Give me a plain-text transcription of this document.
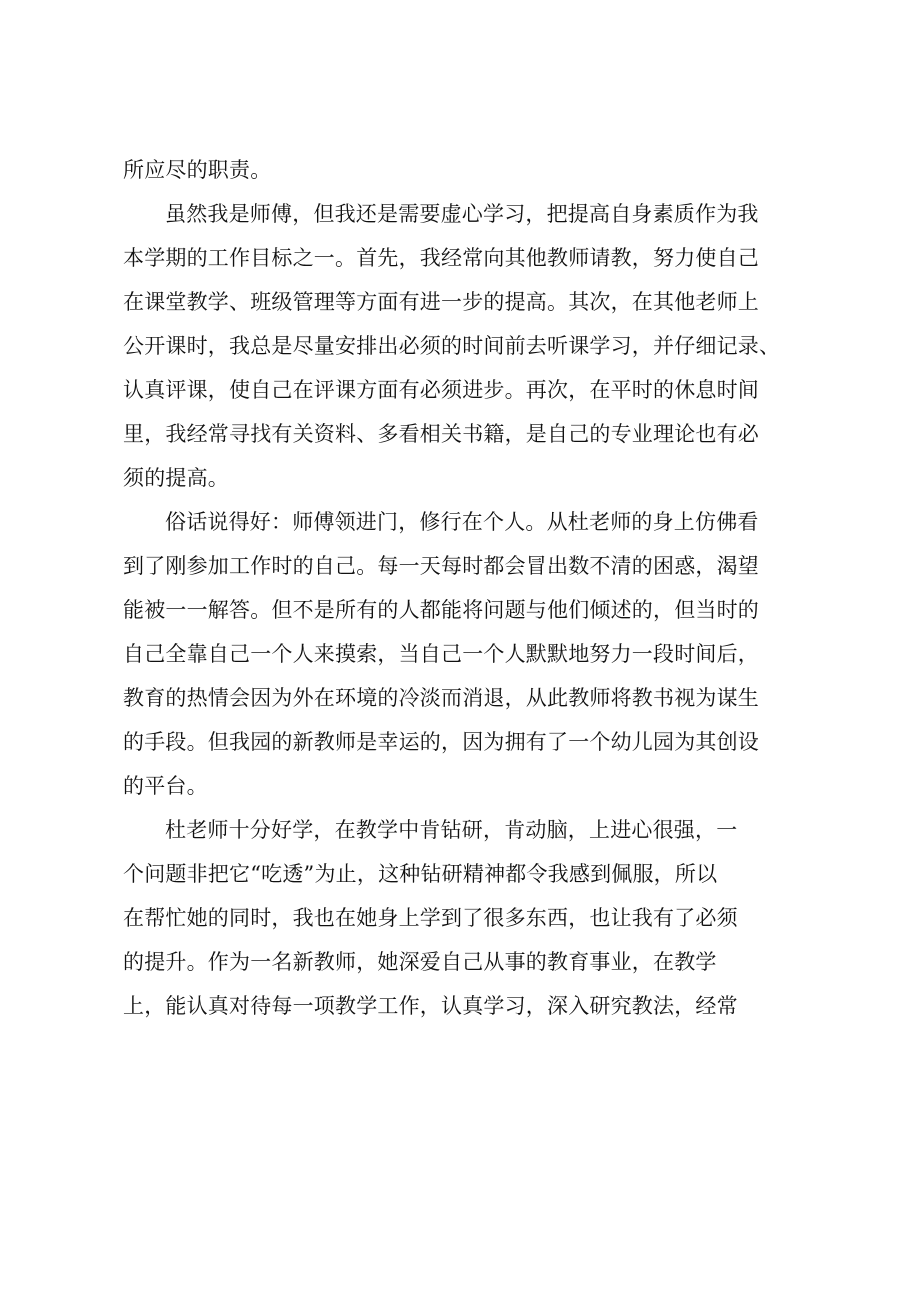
所应尽的职责。
虽然我是师傅，但我还是需要虚心学习，把提高自身素质作为我
本学期的工作目标之一。首先，我经常向其他教师请教，努力使自己
在课堂教学、班级管理等方面有进一步的提高。其次，在其他老师上
公开课时，我总是尽量安排出必须的时间前去听课学习，并仔细记录、
认真评课，使自己在评课方面有必须进步。再次，在平时的休息时间
里，我经常寻找有关资料、多看相关书籍，是自己的专业理论也有必
须的提高。
俗话说得好：师傅领进门，修行在个人。从杜老师的身上仿佛看
到了刚参加工作时的自己。每一天每时都会冒出数不清的困惑，渴望
能被一一解答。但不是所有的人都能将问题与他们倾述的，但当时的
自己全靠自己一个人来摸索，当自己一个人默默地努力一段时间后，
教育的热情会因为外在环境的冷淡而消退，从此教师将教书视为谋生
的手段。但我园的新教师是幸运的，因为拥有了一个幼儿园为其创设
的平台。
杜老师十分好学，在教学中肯钻研，肯动脑，上进心很强，一
个问题非把它“吃透”为止，这种钻研精神都令我感到佩服，所以
在帮忙她的同时，我也在她身上学到了很多东西，也让我有了必须
的提升。作为一名新教师，她深爱自己从事的教育事业，在教学
上，能认真对待每一项教学工作，认真学习，深入研究教法，经常
